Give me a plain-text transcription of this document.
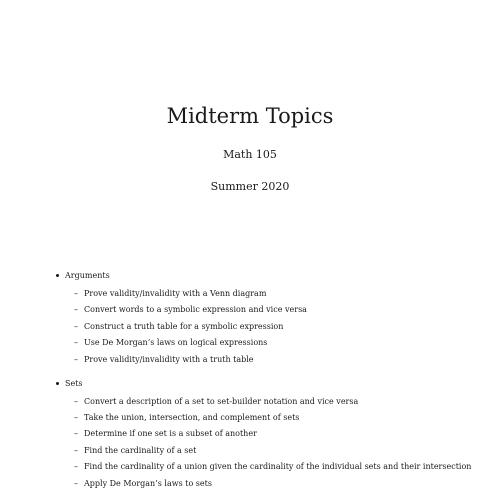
Midterm Topics

Math 105

Summer 2020

Arguments
– Prove validity/invalidity with a Venn diagram
– Convert words to a symbolic expression and vice versa
– Construct a truth table for a symbolic expression
– Use De Morgan’s laws on logical expressions
– Prove validity/invalidity with a truth table
Sets
– Convert a description of a set to set-builder notation and vice versa
– Take the union, intersection, and complement of sets
– Determine if one set is a subset of another
– Find the cardinality of a set
– Find the cardinality of a union given the cardinality of the individual sets and their intersection
– Apply De Morgan’s laws to sets
